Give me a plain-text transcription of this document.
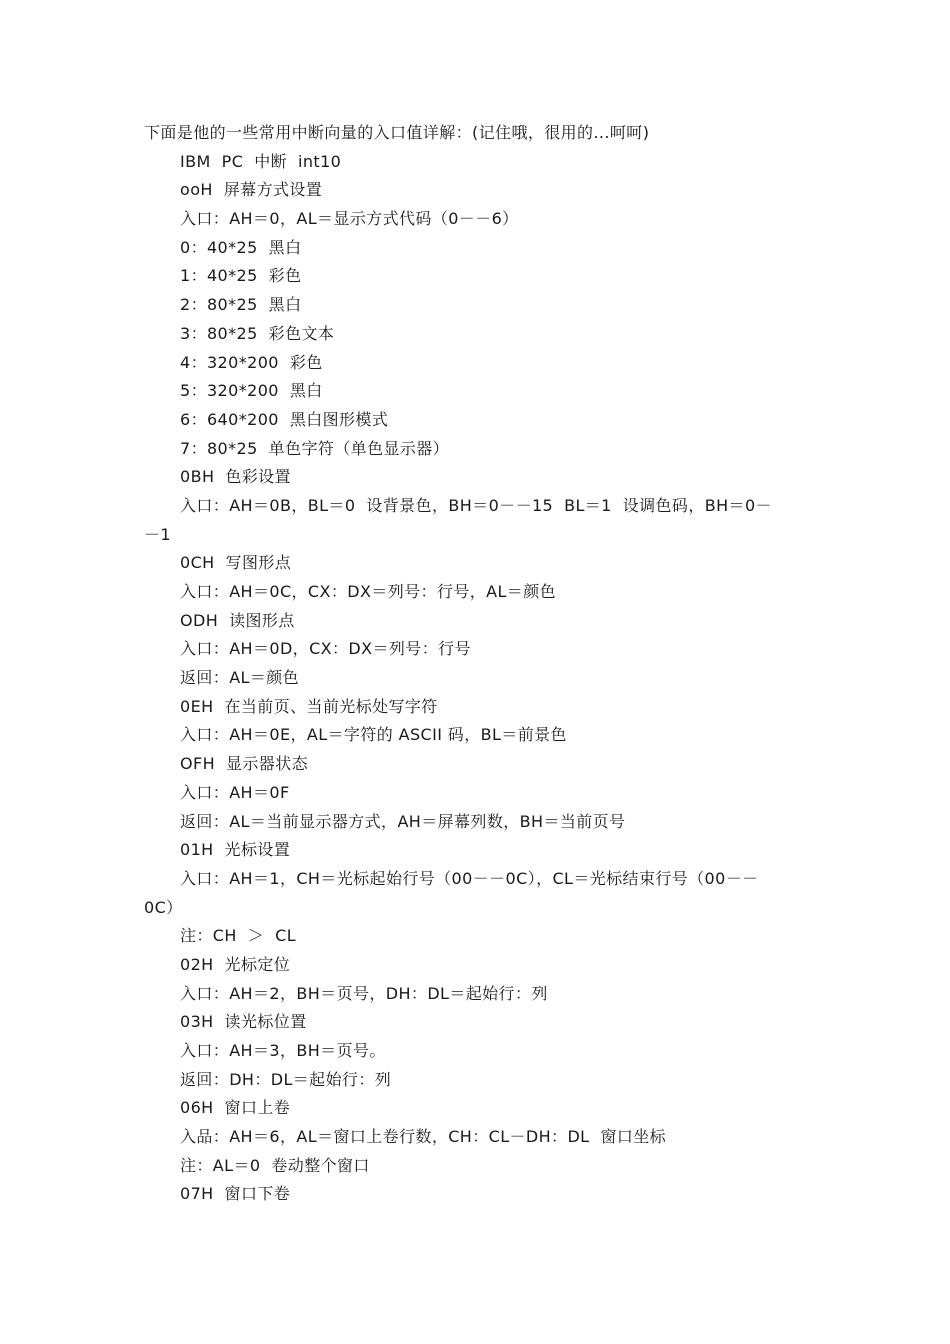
下面是他的一些常用中断向量的入口值详解：(记住哦，很用的...呵呵)
IBM  PC  中断  int10
ooH  屏幕方式设置
入口：AH＝0，AL＝显示方式代码（0－－6）
0：40*25  黑白
1：40*25  彩色
2：80*25  黑白
3：80*25  彩色文本
4：320*200  彩色
5：320*200  黑白
6：640*200  黑白图形模式
7：80*25  单色字符（单色显示器）
0BH  色彩设置
入口：AH＝0B，BL＝0  设背景色，BH＝0－－15  BL＝1  设调色码，BH＝0－
－1
0CH  写图形点
入口：AH＝0C，CX：DX＝列号：行号，AL＝颜色
ODH  读图形点
入口：AH＝0D，CX：DX＝列号：行号
返回：AL＝颜色
0EH  在当前页、当前光标处写字符
入口：AH＝0E，AL＝字符的 ASCII 码，BL＝前景色
OFH  显示器状态
入口：AH＝0F
返回：AL＝当前显示器方式，AH＝屏幕列数，BH＝当前页号
01H  光标设置
入口：AH＝1，CH＝光标起始行号（00－－0C），CL＝光标结束行号（00－－
0C）
注：CH  ＞  CL
02H  光标定位
入口：AH＝2，BH＝页号，DH：DL＝起始行：列
03H  读光标位置
入口：AH＝3，BH＝页号。
返回：DH：DL＝起始行：列
06H  窗口上卷
入品：AH＝6，AL＝窗口上卷行数，CH：CL－DH：DL  窗口坐标
注：AL＝0  卷动整个窗口
07H  窗口下卷
